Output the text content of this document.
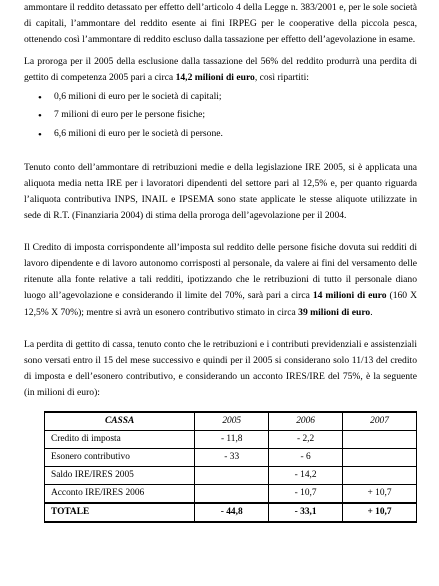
ammontare il reddito detassato per effetto dell’articolo 4 della Legge n. 383/2001 e, per le sole società di capitali, l’ammontare del reddito esente ai fini IRPEG per le cooperative della piccola pesca, ottenendo così l’ammontare di reddito escluso dalla tassazione per effetto dell’agevolazione in esame.

La proroga per il 2005 della esclusione dalla tassazione del 56% del reddito produrrà una perdita di gettito di competenza 2005 pari a circa 14,2 milioni di euro, così ripartiti:

• 0,6 milioni di euro per le società di capitali;
• 7 milioni di euro per le persone fisiche;
• 6,6 milioni di euro per le società di persone.

Tenuto conto dell’ammontare di retribuzioni medie e della legislazione IRE 2005, si è applicata una aliquota media netta IRE per i lavoratori dipendenti del settore pari al 12,5% e, per quanto riguarda l’aliquota contributiva INPS, INAIL e IPSEMA sono state applicate le stesse aliquote utilizzate in sede di R.T. (Finanziaria 2004) di stima della proroga dell’agevolazione per il 2004.

Il Credito di imposta corrispondente all’imposta sul reddito delle persone fisiche dovuta sui redditi di lavoro dipendente e di lavoro autonomo corrisposti al personale, da valere ai fini del versamento delle ritenute alla fonte relative a tali redditi, ipotizzando che le retribuzioni di tutto il personale diano luogo all’agevolazione e considerando il limite del 70%, sarà pari a circa 14 milioni di euro (160 X 12,5% X 70%); mentre si avrà un esonero contributivo stimato in circa 39 milioni di euro.

La perdita di gettito di cassa, tenuto conto che le retribuzioni e i contributi previdenziali e assistenziali sono versati entro il 15 del mese successivo e quindi per il 2005 si considerano solo 11/13 del credito di imposta e dell’esonero contributivo, e considerando un acconto IRES/IRE del 75%, è la seguente (in milioni di euro):

CASSA	2005	2006	2007
Credito di imposta	- 11,8	- 2,2	
Esonero contributivo	- 33	- 6	
Saldo IRE/IRES 2005		- 14,2	
Acconto IRE/IRES 2006		- 10,7	+ 10,7
TOTALE	- 44,8	- 33,1	+ 10,7
